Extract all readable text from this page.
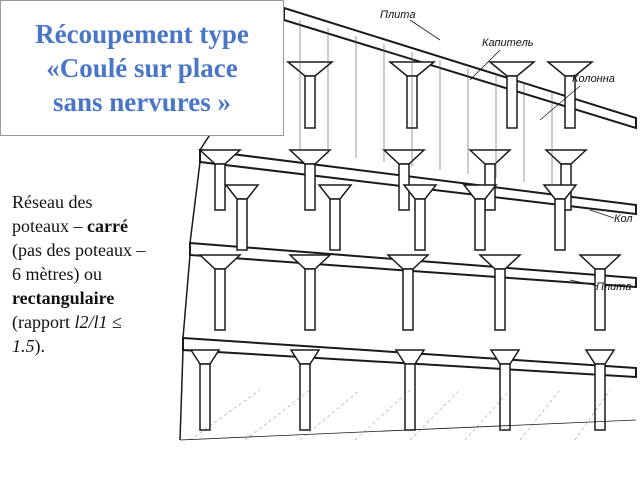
Плита
Капитель
Колонна
Кол
Плита
Récoupement type
«Coulé sur place
sans nervures »
Réseau des
poteaux – carré
(pas des poteaux –
6 mètres) ou
rectangulaire
(rapport l2/l1 ≤
1.5).
